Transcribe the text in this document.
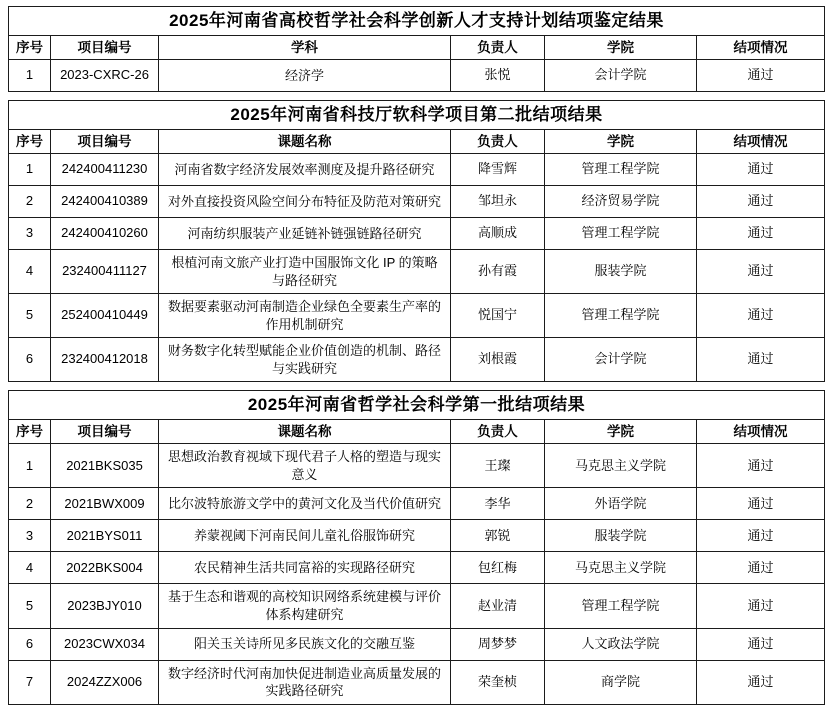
2025年河南省高校哲学社会科学创新人才支持计划结项鉴定结果					
序号	项目编号	学科	负责人	学院	结项情况
1	2023-CXRC-26	经济学	张悦	会计学院	通过
2025年河南省科技厅软科学项目第二批结项结果					
序号	项目编号	课题名称	负责人	学院	结项情况
1	242400411230	河南省数字经济发展效率测度及提升路径研究	降雪辉	管理工程学院	通过
2	242400410389	对外直接投资风险空间分布特征及防范对策研究	邹坦永	经济贸易学院	通过
3	242400410260	河南纺织服装产业延链补链强链路径研究	高顺成	管理工程学院	通过
4	232400411127	根植河南文旅产业打造中国服饰文化 IP 的策略与路径研究	孙有霞	服装学院	通过
5	252400410449	数据要素驱动河南制造企业绿色全要素生产率的作用机制研究	悦国宁	管理工程学院	通过
6	232400412018	财务数字化转型赋能企业价值创造的机制、路径与实践研究	刘根霞	会计学院	通过
2025年河南省哲学社会科学第一批结项结果					
序号	项目编号	课题名称	负责人	学院	结项情况
1	2021BKS035	思想政治教育视域下现代君子人格的塑造与现实意义	王璨	马克思主义学院	通过
2	2021BWX009	比尔波特旅游文学中的黄河文化及当代价值研究	李华	外语学院	通过
3	2021BYS011	养蒙视阈下河南民间儿童礼俗服饰研究	郭锐	服装学院	通过
4	2022BKS004	农民精神生活共同富裕的实现路径研究	包红梅	马克思主义学院	通过
5	2023BJY010	基于生态和谐观的高校知识网络系统建模与评价体系构建研究	赵业清	管理工程学院	通过
6	2023CWX034	阳关玉关诗所见多民族文化的交融互鉴	周梦梦	人文政法学院	通过
7	2024ZZX006	数字经济时代河南加快促进制造业高质量发展的实践路径研究	荣奎桢	商学院	通过
